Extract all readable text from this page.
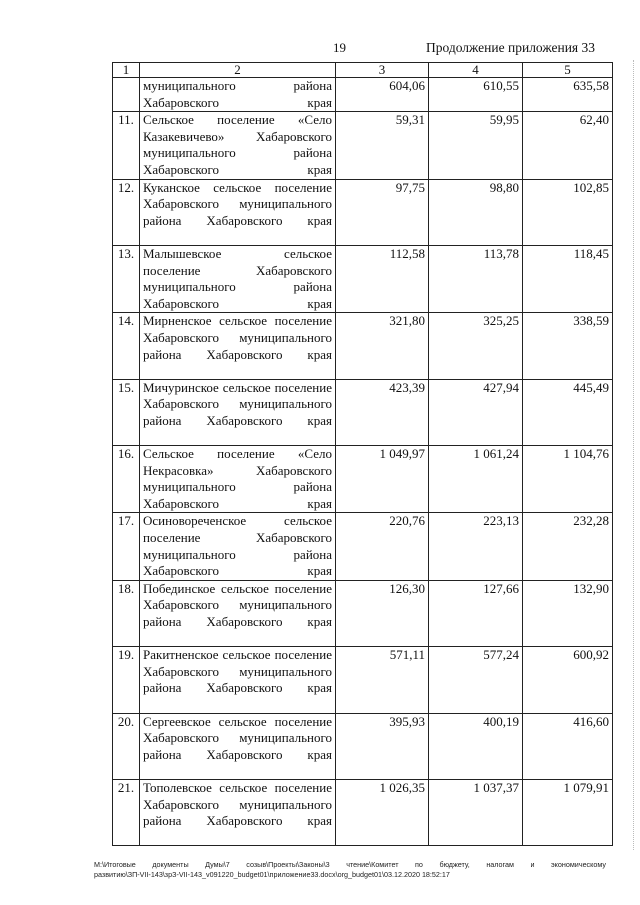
19	Продолжение приложения 33
1	2	3	4	5
	муниципального района Хабаровского края	604,06	610,55	635,58
11.	Сельское поселение «Село Казакевичево» Хабаровского муниципального района Хабаровского края	59,31	59,95	62,40
12.	Куканское сельское поселение Хабаровского муниципального района Хабаровского края	97,75	98,80	102,85
13.	Малышевское сельское поселение Хабаровского муниципального района Хабаровского края	112,58	113,78	118,45
14.	Мирненское сельское поселение Хабаровского муниципального района Хабаровского края	321,80	325,25	338,59
15.	Мичуринское сельское поселение Хабаровского муниципального района Хабаровского края	423,39	427,94	445,49
16.	Сельское поселение «Село Некрасовка» Хабаровского муниципального района Хабаровского края	1 049,97	1 061,24	1 104,76
17.	Осиновореченское сельское поселение Хабаровского муниципального района Хабаровского края	220,76	223,13	232,28
18.	Побединское сельское поселение Хабаровского муниципального района Хабаровского края	126,30	127,66	132,90
19.	Ракитненское сельское поселение Хабаровского муниципального района Хабаровского края	571,11	577,24	600,92
20.	Сергеевское сельское поселение Хабаровского муниципального района Хабаровского края	395,93	400,19	416,60
21.	Тополевское сельское поселение Хабаровского муниципального района Хабаровского края	1 026,35	1 037,37	1 079,91
М:\Итоговые документы Думы\7 созыв\Проекты\Законы\3 чтение\Комитет по бюджету, налогам и экономическому
развитию\ЗП-VII-143\зрЗ-VII-143_v091220_budget01\приложение33.docx\org_budget01\03.12.2020 18:52:17
